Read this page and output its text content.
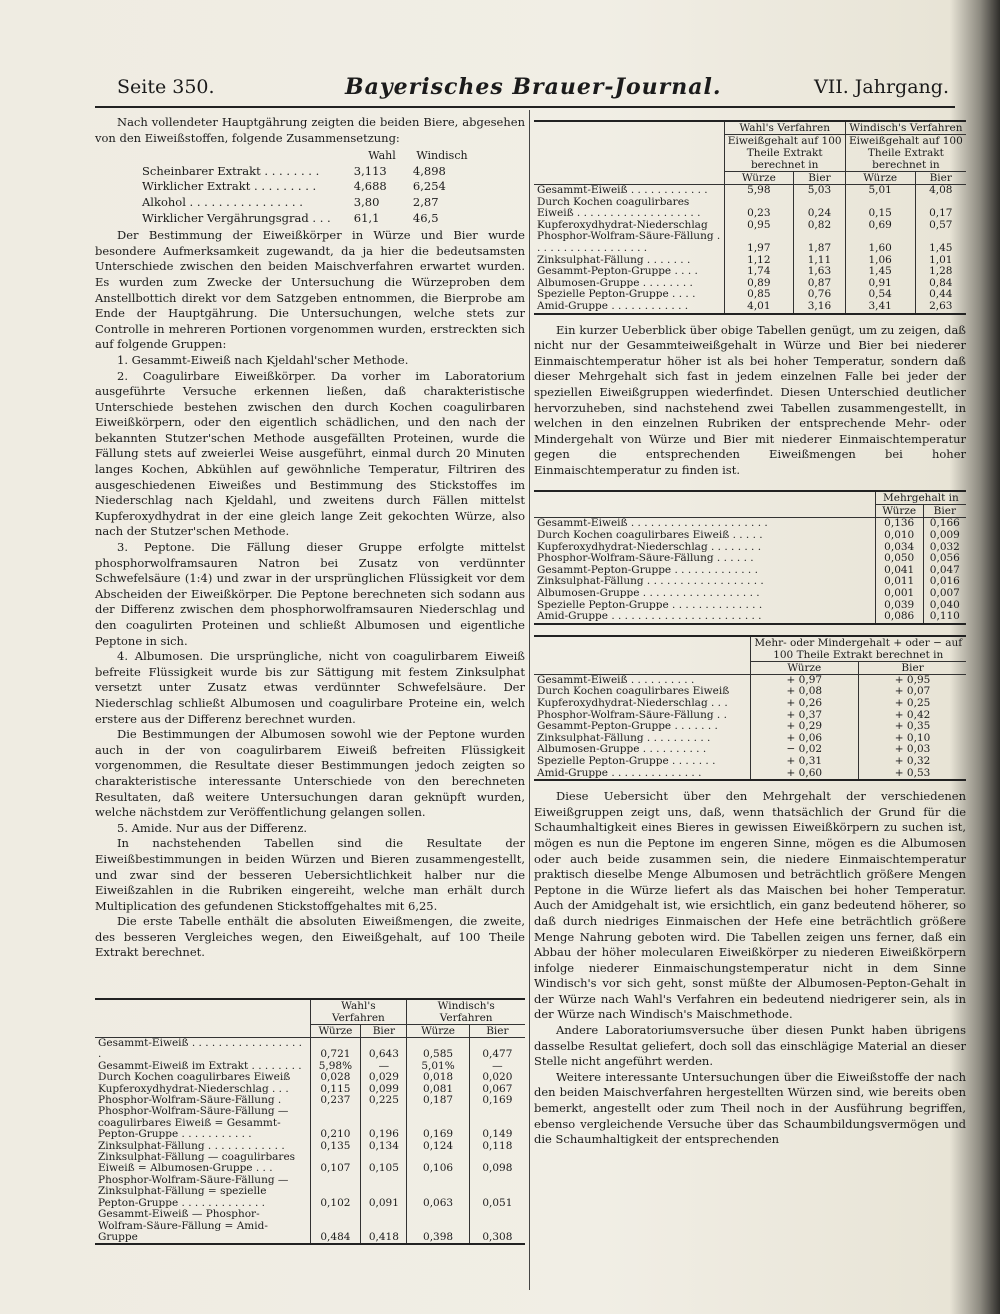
Seite 350.	Bayerisches Brauer-Journal.	VII. Jahrgang.

Nach vollendeter Hauptgährung zeigten die beiden Biere, abgesehen von den Eiweißstoffen, folgende Zusammensetzung:

Wahl	Windisch
Scheinbarer Extrakt . . . . . . . .	3,113	4,898
Wirklicher Extrakt . . . . . . . . .	4,688	6,254
Alkohol . . . . . . . . . . . . . . . .	3,80	2,87
Wirklicher Vergährungsgrad . . .	61,1	46,5

Der Bestimmung der Eiweißkörper in Würze und Bier wurde besondere Aufmerksamkeit zugewandt, da ja hier die bedeutsamsten Unterschiede zwischen den beiden Maischverfahren erwartet wurden. Es wurden zum Zwecke der Untersuchung die Würzeproben dem Anstellbottich direkt vor dem Satzgeben entnommen, die Bierprobe am Ende der Hauptgährung. Die Untersuchungen, welche stets zur Controlle in mehreren Portionen vorgenommen wurden, erstreckten sich auf folgende Gruppen:

1. Gesammt-Eiweiß nach Kjeldahl'scher Methode.

2. Coagulirbare Eiweißkörper. Da vorher im Laboratorium ausgeführte Versuche erkennen ließen, daß charakteristische Unterschiede bestehen zwischen den durch Kochen coagulirbaren Eiweißkörpern, oder den eigentlich schädlichen, und den nach der bekannten Stutzer'schen Methode ausgefällten Proteinen, wurde die Fällung stets auf zweierlei Weise ausgeführt, einmal durch 20 Minuten langes Kochen, Abkühlen auf gewöhnliche Temperatur, Filtriren des ausgeschiedenen Eiweißes und Bestimmung des Stickstoffes im Niederschlag nach Kjeldahl, und zweitens durch Fällen mittelst Kupferoxydhydrat in der eine gleich lange Zeit gekochten Würze, also nach der Stutzer'schen Methode.

3. Peptone. Die Fällung dieser Gruppe erfolgte mittelst phosphorwolframsauren Natron bei Zusatz von verdünnter Schwefelsäure (1:4) und zwar in der ursprünglichen Flüssigkeit vor dem Abscheiden der Eiweißkörper. Die Peptone berechneten sich sodann aus der Differenz zwischen dem phosphorwolframsauren Niederschlag und den coagulirten Proteinen und schließt Albumosen und eigentliche Peptone in sich.

4. Albumosen. Die ursprüngliche, nicht von coagulirbarem Eiweiß befreite Flüssigkeit wurde bis zur Sättigung mit festem Zinksulphat versetzt unter Zusatz etwas verdünnter Schwefelsäure. Der Niederschlag schließt Albumosen und coagulirbare Proteine ein, welch erstere aus der Differenz berechnet wurden.

Die Bestimmungen der Albumosen sowohl wie der Peptone wurden auch in der von coagulirbarem Eiweiß befreiten Flüssigkeit vorgenommen, die Resultate dieser Bestimmungen jedoch zeigten so charakteristische interessante Unterschiede von den berechneten Resultaten, daß weitere Untersuchungen daran geknüpft wurden, welche nächstdem zur Veröffentlichung gelangen sollen.

5. Amide. Nur aus der Differenz.

In nachstehenden Tabellen sind die Resultate der Eiweißbestimmungen in beiden Würzen und Bieren zusammengestellt, und zwar sind der besseren Uebersichtlichkeit halber nur die Eiweißzahlen in die Rubriken eingereiht, welche man erhält durch Multiplication des gefundenen Stickstoffgehaltes mit 6,25.

Die erste Tabelle enthält die absoluten Eiweißmengen, die zweite, des besseren Vergleiches wegen, den Eiweißgehalt, auf 100 Theile Extrakt berechnet.

	Wahl's Verfahren		Windisch's Verfahren	
	Würze	Bier	Würze	Bier
Gesammt-Eiweiß . . . . . . . . . . . . . . . . . .	0,721	0,643	0,585	0,477
Gesammt-Eiweiß im Extrakt . . . . . . . .	5,98%	—	5,01%	—
Durch Kochen coagulirbares Eiweiß	0,028	0,029	0,018	0,020
Kupferoxydhydrat-Niederschlag . . .	0,115	0,099	0,081	0,067
Phosphor-Wolfram-Säure-Fällung .	0,237	0,225	0,187	0,169
Phosphor-Wolfram-Säure-Fällung — coagulirbares Eiweiß = Gesammt-Pepton-Gruppe . . . . . . . . . . .	0,210	0,196	0,169	0,149
Zinksulphat-Fällung . . . . . . . . . . . .	0,135	0,134	0,124	0,118
Zinksulphat-Fällung — coagulirbares Eiweiß = Albumosen-Gruppe . . .	0,107	0,105	0,106	0,098
Phosphor-Wolfram-Säure-Fällung — Zinksulphat-Fällung = spezielle Pepton-Gruppe . . . . . . . . . . . . .	0,102	0,091	0,063	0,051
Gesammt-Eiweiß — Phosphor-Wolfram-Säure-Fällung = Amid-Gruppe	0,484	0,418	0,398	0,308
	Wahl's Verfahren		Windisch's Verfahren	
	Eiweißgehalt auf 100 Theile Extrakt berechnet in		Eiweißgehalt auf 100 Theile Extrakt berechnet in	
	Würze	Bier	Würze	Bier
Gesammt-Eiweiß . . . . . . . . . . . .	5,98	5,03	5,01	4,08
Durch Kochen coagulirbares Eiweiß . . . . . . . . . . . . . . . . . . .	0,23	0,24	0,15	0,17
Kupferoxydhydrat-Niederschlag	0,95	0,82	0,69	0,57
Phosphor-Wolfram-Säure-Fällung . . . . . . . . . . . . . . . . . .	1,97	1,87	1,60	1,45
Zinksulphat-Fällung . . . . . . .	1,12	1,11	1,06	1,01
Gesammt-Pepton-Gruppe . . . .	1,74	1,63	1,45	1,28
Albumosen-Gruppe . . . . . . . .	0,89	0,87	0,91	0,84
Spezielle Pepton-Gruppe . . . .	0,85	0,76	0,54	0,44
Amid-Gruppe . . . . . . . . . . . .	4,01	3,16	3,41	2,63

Ein kurzer Ueberblick über obige Tabellen genügt, um zu zeigen, daß nicht nur der Gesammteiweißgehalt in Würze und Bier bei niederer Einmaischtemperatur höher ist als bei hoher Temperatur, sondern daß dieser Mehrgehalt sich fast in jedem einzelnen Falle bei jeder der speziellen Eiweißgruppen wiederfindet. Diesen Unterschied deutlicher hervorzuheben, sind nachstehend zwei Tabellen zusammengestellt, in welchen in den einzelnen Rubriken der entsprechende Mehr- oder Mindergehalt von Würze und Bier mit niederer Einmaischtemperatur gegen die entsprechenden Eiweißmengen bei hoher Einmaischtemperatur zu finden ist.

	Mehrgehalt in	
	Würze	Bier
Gesammt-Eiweiß . . . . . . . . . . . . . . . . . . . . .	0,136	0,166
Durch Kochen coagulirbares Eiweiß . . . . .	0,010	0,009
Kupferoxydhydrat-Niederschlag . . . . . . . .	0,034	0,032
Phosphor-Wolfram-Säure-Fällung . . . . . .	0,050	0,056
Gesammt-Pepton-Gruppe . . . . . . . . . . . . .	0,041	0,047
Zinksulphat-Fällung . . . . . . . . . . . . . . . . . .	0,011	0,016
Albumosen-Gruppe . . . . . . . . . . . . . . . . . .	0,001	0,007
Spezielle Pepton-Gruppe . . . . . . . . . . . . . .	0,039	0,040
Amid-Gruppe . . . . . . . . . . . . . . . . . . . . . . .	0,086	0,110
	Mehr- oder Mindergehalt + oder − auf 100 Theile Extrakt berechnet in	
	Würze	Bier
Gesammt-Eiweiß . . . . . . . . . .	+ 0,97	+ 0,95
Durch Kochen coagulirbares Eiweiß	+ 0,08	+ 0,07
Kupferoxydhydrat-Niederschlag . . .	+ 0,26	+ 0,25
Phosphor-Wolfram-Säure-Fällung . .	+ 0,37	+ 0,42
Gesammt-Pepton-Gruppe . . . . . . .	+ 0,29	+ 0,35
Zinksulphat-Fällung . . . . . . . . . .	+ 0,06	+ 0,10
Albumosen-Gruppe . . . . . . . . . .	− 0,02	+ 0,03
Spezielle Pepton-Gruppe . . . . . . .	+ 0,31	+ 0,32
Amid-Gruppe . . . . . . . . . . . . . .	+ 0,60	+ 0,53

Diese Uebersicht über den Mehrgehalt der verschiedenen Eiweißgruppen zeigt uns, daß, wenn thatsächlich der Grund für die Schaumhaltigkeit eines Bieres in gewissen Eiweißkörpern zu suchen ist, mögen es nun die Peptone im engeren Sinne, mögen es die Albumosen oder auch beide zusammen sein, die niedere Einmaischtemperatur praktisch dieselbe Menge Albumosen und beträchtlich größere Mengen Peptone in die Würze liefert als das Maischen bei hoher Temperatur. Auch der Amidgehalt ist, wie ersichtlich, ein ganz bedeutend höherer, so daß durch niedriges Einmaischen der Hefe eine beträchtlich größere Menge Nahrung geboten wird. Die Tabellen zeigen uns ferner, daß ein Abbau der höher molecularen Eiweißkörper zu niederen Eiweißkörpern infolge niederer Einmaischungstemperatur nicht in dem Sinne Windisch's vor sich geht, sonst müßte der Albumosen-Pepton-Gehalt in der Würze nach Wahl's Verfahren ein bedeutend niedrigerer sein, als in der Würze nach Windisch's Maischmethode.

Andere Laboratoriumsversuche über diesen Punkt haben übrigens dasselbe Resultat geliefert, doch soll das einschlägige Material an dieser Stelle nicht angeführt werden.

Weitere interessante Untersuchungen über die Eiweißstoffe der nach den beiden Maischverfahren hergestellten Würzen sind, wie bereits oben bemerkt, angestellt oder zum Theil noch in der Ausführung begriffen, ebenso vergleichende Versuche über das Schaumbildungsvermögen und die Schaumhaltigkeit der entsprechenden
